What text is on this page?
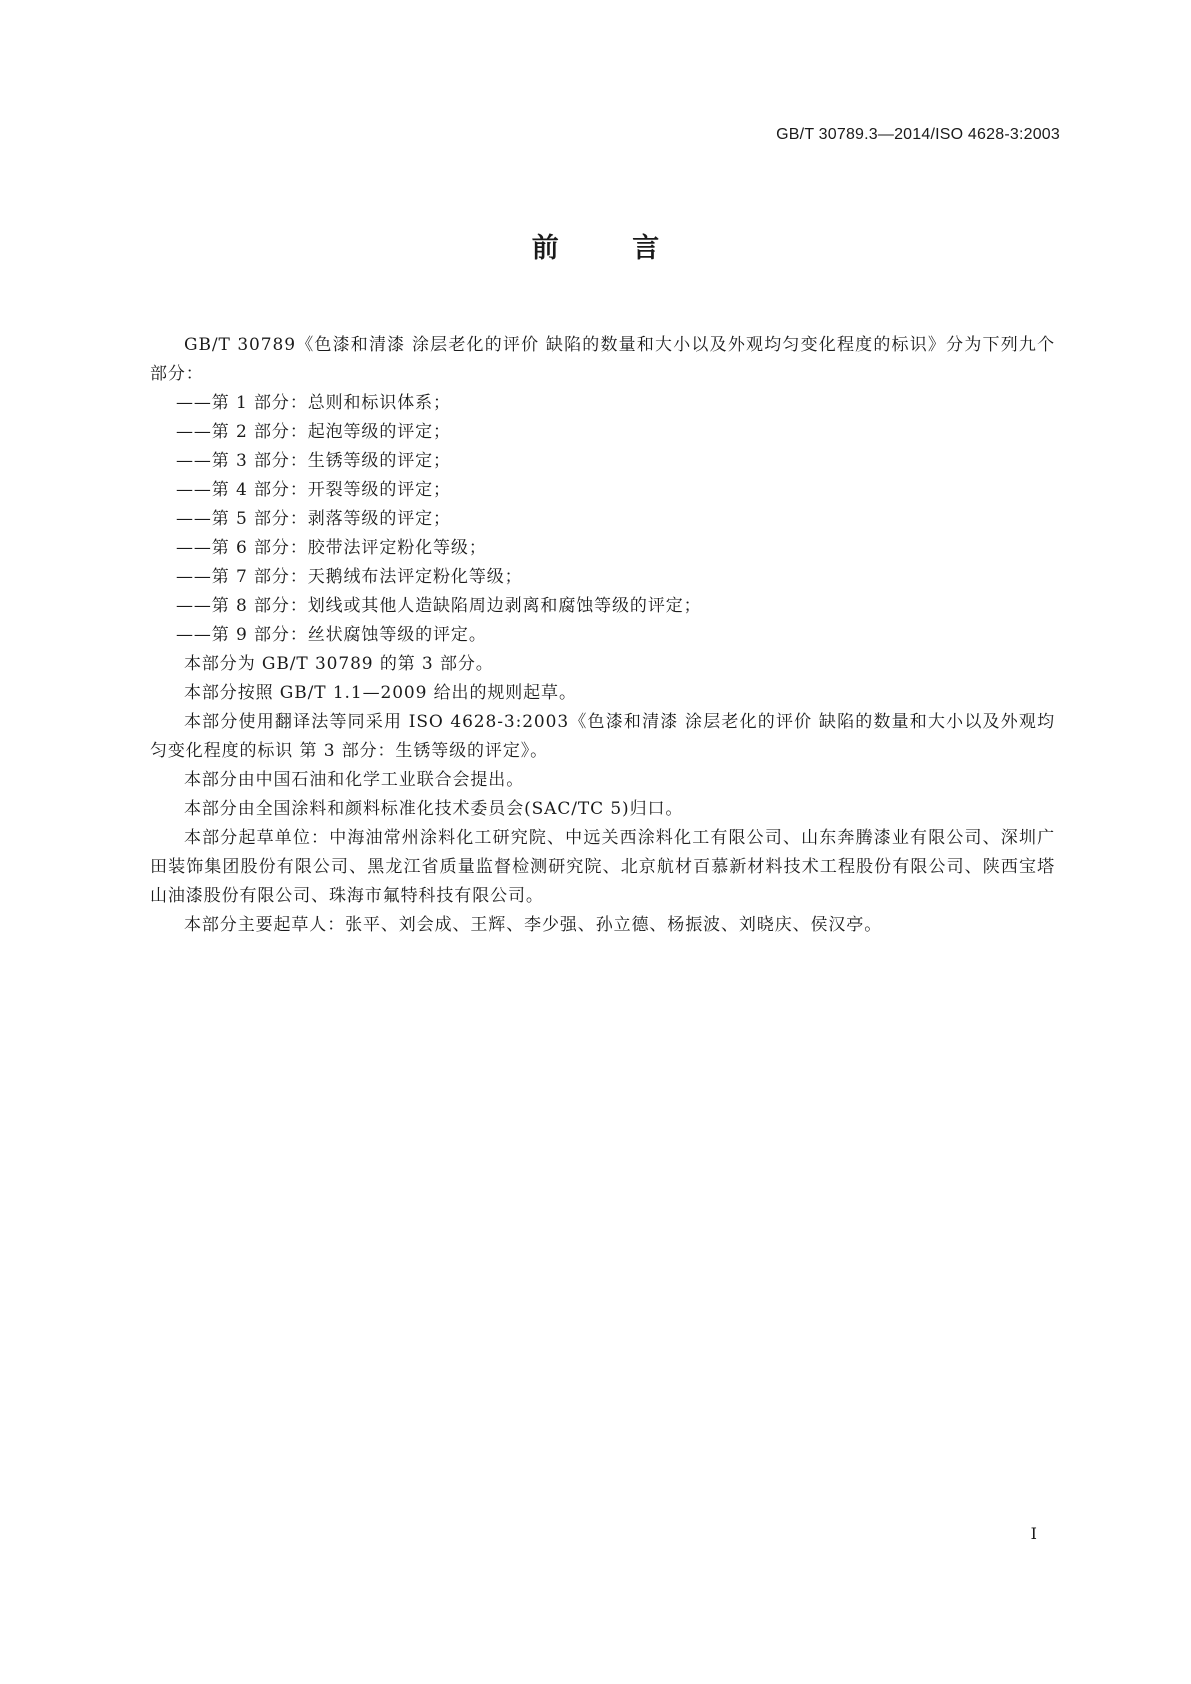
GB/T 30789.3—2014/ISO 4628-3:2003
前 言

GB/T 30789《色漆和清漆 涂层老化的评价 缺陷的数量和大小以及外观均匀变化程度的标识》分为下列九个部分：

——第 1 部分：总则和标识体系；

——第 2 部分：起泡等级的评定；

——第 3 部分：生锈等级的评定；

——第 4 部分：开裂等级的评定；

——第 5 部分：剥落等级的评定；

——第 6 部分：胶带法评定粉化等级；

——第 7 部分：天鹅绒布法评定粉化等级；

——第 8 部分：划线或其他人造缺陷周边剥离和腐蚀等级的评定；

——第 9 部分：丝状腐蚀等级的评定。

本部分为 GB/T 30789 的第 3 部分。

本部分按照 GB/T 1.1—2009 给出的规则起草。

本部分使用翻译法等同采用 ISO 4628-3:2003《色漆和清漆 涂层老化的评价 缺陷的数量和大小以及外观均匀变化程度的标识 第 3 部分：生锈等级的评定》。

本部分由中国石油和化学工业联合会提出。

本部分由全国涂料和颜料标准化技术委员会(SAC/TC 5)归口。

本部分起草单位：中海油常州涂料化工研究院、中远关西涂料化工有限公司、山东奔腾漆业有限公司、深圳广田装饰集团股份有限公司、黑龙江省质量监督检测研究院、北京航材百慕新材料技术工程股份有限公司、陕西宝塔山油漆股份有限公司、珠海市氟特科技有限公司。

本部分主要起草人：张平、刘会成、王辉、李少强、孙立德、杨振波、刘晓庆、侯汉亭。

I
